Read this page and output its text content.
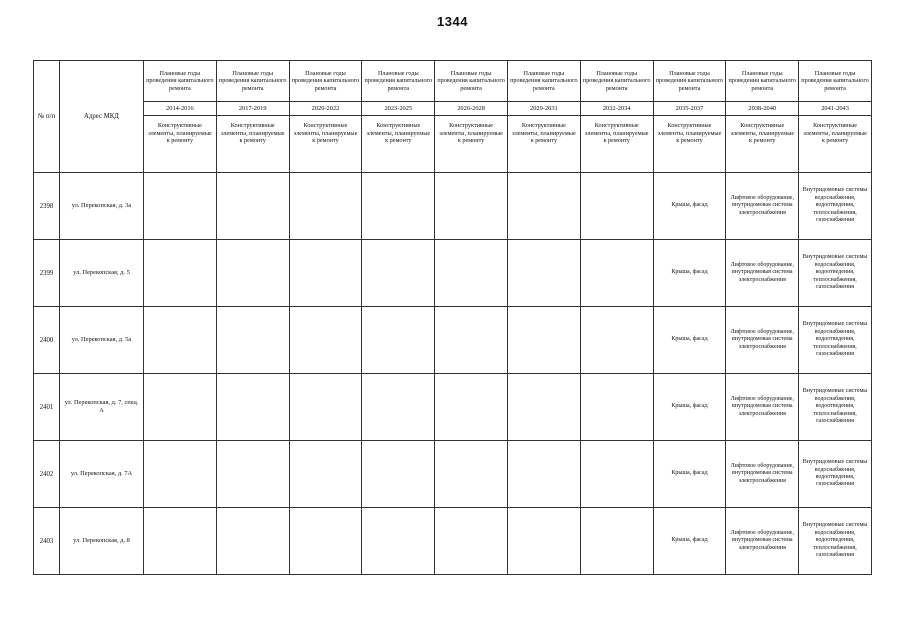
1344
№ п/п	Адрес МКД	Плановые годы проведения капитального ремонта	Плановые годы проведения капитального ремонта	Плановые годы проведения капитального ремонта	Плановые годы проведения капитального ремонта	Плановые годы проведения капитального ремонта	Плановые годы проведения капитального ремонта	Плановые годы проведения капитального ремонта	Плановые годы проведения капитального ремонта	Плановые годы проведения капитального ремонта	Плановые годы проведения капитального ремонта
		2014-2016	2017-2019	2020-2022	2023-2025	2026-2028	2029-2031	2032-2034	2035-2037	2038-2040	2041-2043
		Конструктивные элементы, планируемые к ремонту	Конструктивные элементы, планируемые к ремонту	Конструктивные элементы, планируемые к ремонту	Конструктивные элементы, планируемые к ремонту	Конструктивные элементы, планируемые к ремонту	Конструктивные элементы, планируемые к ремонту	Конструктивные элементы, планируемые к ремонту	Конструктивные элементы, планируемые к ремонту	Конструктивные элементы, планируемые к ремонту	Конструктивные элементы, планируемые к ремонту
2398	ул. Перекопская, д. 3а								Крыша, фасад	Лифтовое оборудование, внутридомовая система электроснабжения	Внутридомовые системы водоснабжения, водоотведения, теплоснабжения, газоснабжения
2399	ул. Перекопская, д. 5								Крыша, фасад	Лифтовое оборудование, внутридомовая система электроснабжения	Внутридомовые системы водоснабжения, водоотведения, теплоснабжения, газоснабжения
2400	ул. Перекопская, д. 5а								Крыша, фасад	Лифтовое оборудование, внутридомовая система электроснабжения	Внутридомовые системы водоснабжения, водоотведения, теплоснабжения, газоснабжения
2401	ул. Перекопская, д. 7, секц. А								Крыша, фасад	Лифтовое оборудование, внутридомовая система электроснабжения	Внутридомовые системы водоснабжения, водоотведения, теплоснабжения, газоснабжения
2402	ул. Перекопская, д. 7А								Крыша, фасад	Лифтовое оборудование, внутридомовая система электроснабжения	Внутридомовые системы водоснабжения, водоотведения, газоснабжения
2403	ул. Перекопская, д. 8								Крыша, фасад	Лифтовое оборудование, внутридомовая система электроснабжения	Внутридомовые системы водоснабжения, водоотведения, теплоснабжения, газоснабжения
